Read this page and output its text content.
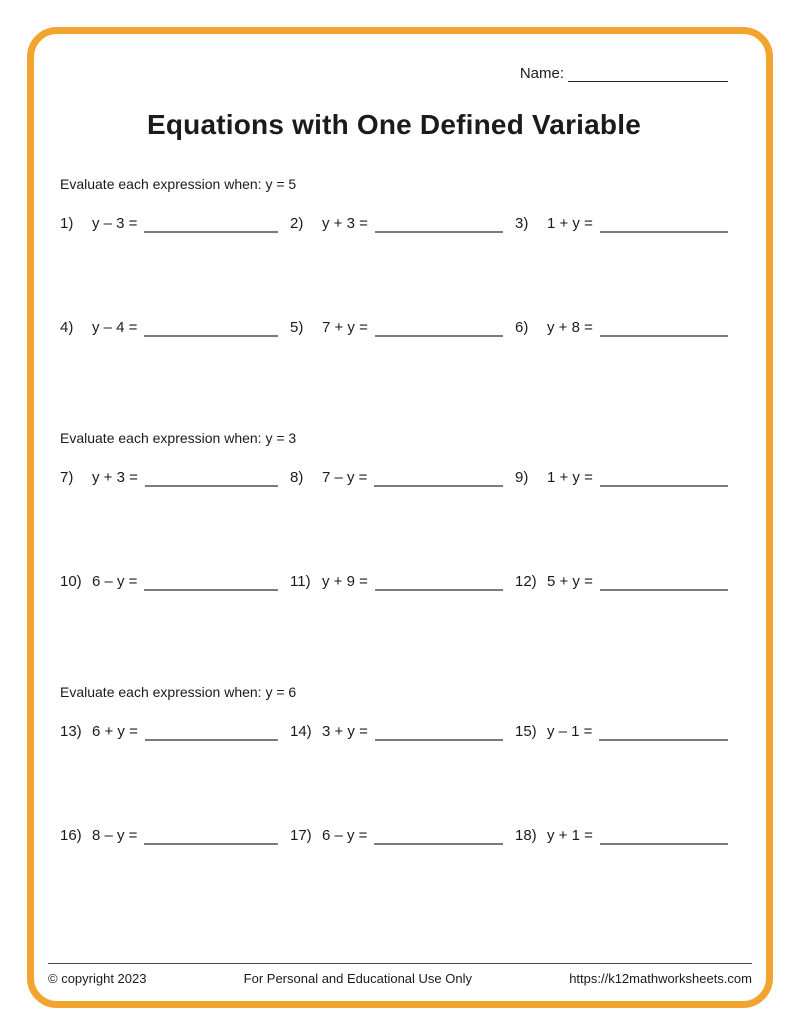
Name:
Equations with One Defined Variable
Evaluate each expression when: y = 5
1)	y – 3 =	2)	y + 3 =	3)	1 + y =
4)	y – 4 =	5)	7 + y =	6)	y + 8 =
Evaluate each expression when: y = 3
7)	y + 3 =	8)	7 – y =	9)	1 + y =
10) 6 – y =	11) y + 9 =	12) 5 + y =
Evaluate each expression when: y = 6
13) 6 + y =	14) 3 + y =	15) y – 1 =
16) 8 – y =	17) 6 – y =	18) y + 1 =
© copyright 2023	For Personal and Educational Use Only	https://k12mathworksheets.com
